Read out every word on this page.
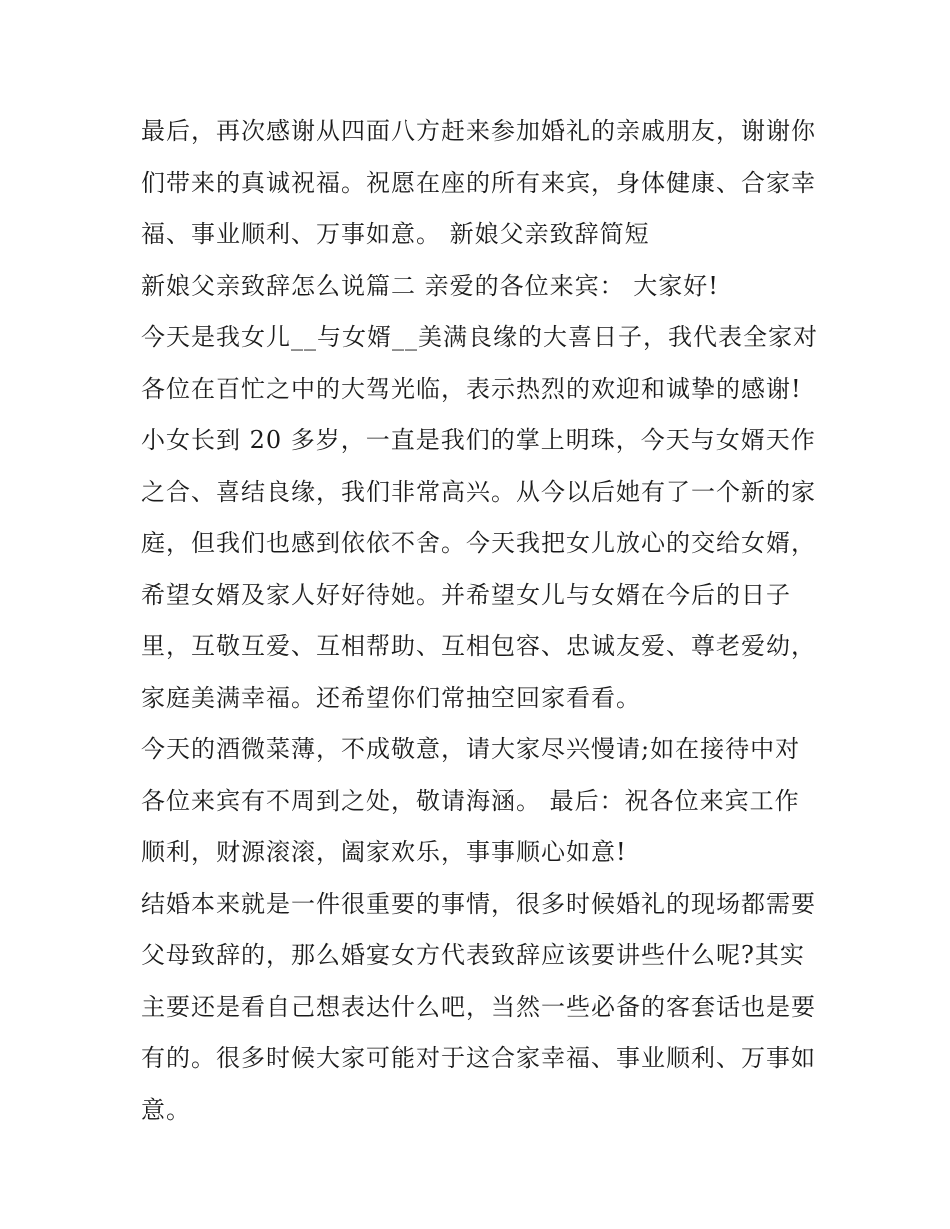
最后，再次感谢从四面八方赶来参加婚礼的亲戚朋友，谢谢你
们带来的真诚祝福。祝愿在座的所有来宾，身体健康、合家幸
福、事业顺利、万事如意。 新娘父亲致辞简短
新娘父亲致辞怎么说篇二 亲爱的各位来宾： 大家好!
今天是我女儿__与女婿__美满良缘的大喜日子，我代表全家对
各位在百忙之中的大驾光临，表示热烈的欢迎和诚挚的感谢!
小女长到 20 多岁，一直是我们的掌上明珠，今天与女婿天作
之合、喜结良缘，我们非常高兴。从今以后她有了一个新的家
庭，但我们也感到依依不舍。今天我把女儿放心的交给女婿，
希望女婿及家人好好待她。并希望女儿与女婿在今后的日子
里，互敬互爱、互相帮助、互相包容、忠诚友爱、尊老爱幼，
家庭美满幸福。还希望你们常抽空回家看看。
今天的酒微菜薄，不成敬意，请大家尽兴慢请;如在接待中对
各位来宾有不周到之处，敬请海涵。 最后：祝各位来宾工作
顺利，财源滚滚，阖家欢乐，事事顺心如意!
结婚本来就是一件很重要的事情，很多时候婚礼的现场都需要
父母致辞的，那么婚宴女方代表致辞应该要讲些什么呢?其实
主要还是看自己想表达什么吧，当然一些必备的客套话也是要
有的。很多时候大家可能对于这合家幸福、事业顺利、万事如
意。
